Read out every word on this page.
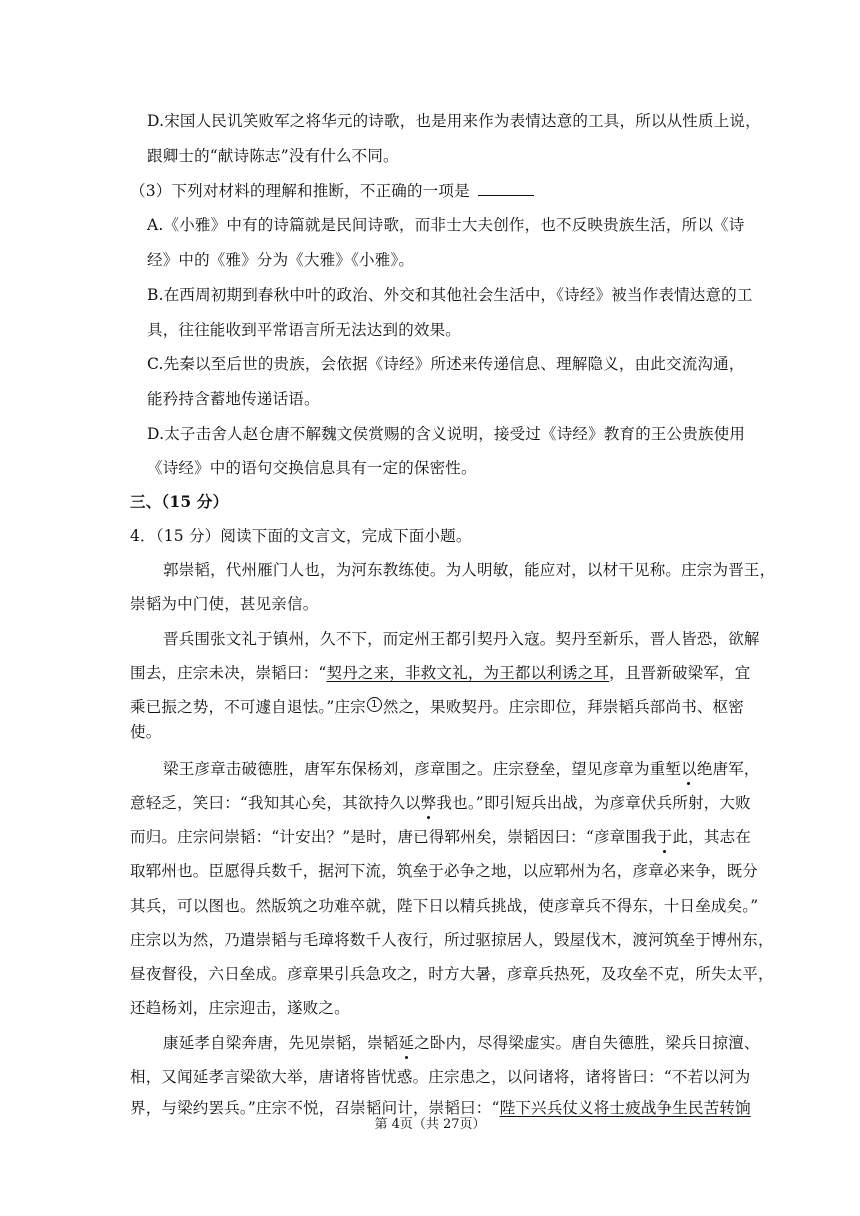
D.宋国人民讥笑败军之将华元的诗歌，也是用来作为表情达意的工具，所以从性质上说，
跟卿士的“献诗陈志”没有什么不同。
（3）下列对材料的理解和推断，不正确的一项是
A.《小雅》中有的诗篇就是民间诗歌，而非士大夫创作，也不反映贵族生活，所以《诗
经》中的《雅》分为《大雅》《小雅》。
B.在西周初期到春秋中叶的政治、外交和其他社会生活中，《诗经》被当作表情达意的工
具，往往能收到平常语言所无法达到的效果。
C.先秦以至后世的贵族，会依据《诗经》所述来传递信息、理解隐义，由此交流沟通，
能矜持含蓄地传递话语。
D.太子击舍人赵仓唐不解魏文侯赏赐的含义说明，接受过《诗经》教育的王公贵族使用
《诗经》中的语句交换信息具有一定的保密性。
三、（15 分）
4．（15 分）阅读下面的文言文，完成下面小题。
郭崇韬，代州雁门人也，为河东教练使。为人明敏，能应对，以材干见称。庄宗为晋王，
崇韬为中门使，甚见亲信。
晋兵围张文礼于镇州，久不下，而定州王都引契丹入寇。契丹至新乐，晋人皆恐，欲解
围去，庄宗未决，崇韬曰：“契丹之来，非救文礼，为王都以利诱之耳，且晋新破梁军，宜
乘已振之势，不可遽自退怯。”庄宗 1 然之，果败契丹。庄宗即位，拜崇韬兵部尚书、枢密
使。
梁王彦章击破德胜，唐军东保杨刘，彦章围之。庄宗登垒，望见彦章为重堑以绝唐军，
意轻乏，笑曰：“我知其心矣，其欲持久以弊我也。”即引短兵出战，为彦章伏兵所射，大败
而归。庄宗问崇韬：“计安出？”是时，唐已得郓州矣，崇韬因曰：“彦章围我于此，其志在
取郓州也。臣愿得兵数千，据河下流，筑垒于必争之地，以应郓州为名，彦章必来争，既分
其兵，可以图也。然版筑之功难卒就，陛下日以精兵挑战，使彦章兵不得东，十日垒成矣。”
庄宗以为然，乃遣崇韬与毛璋将数千人夜行，所过驱掠居人，毁屋伐木，渡河筑垒于博州东，
昼夜督役，六日垒成。彦章果引兵急攻之，时方大暑，彦章兵热死，及攻垒不克，所失太平，
还趋杨刘，庄宗迎击，遂败之。
康延孝自梁奔唐，先见崇韬，崇韬延之卧内，尽得梁虚实。唐自失德胜，梁兵日掠澶、
相，又闻延孝言梁欲大举，唐诸将皆忧惑。庄宗患之，以问诸将，诸将皆曰：“不若以河为
界，与梁约罢兵。”庄宗不悦，召崇韬问计，崇韬曰：“陛下兴兵仗义将士疲战争生民苦转饷
第 4页（共 27页）
